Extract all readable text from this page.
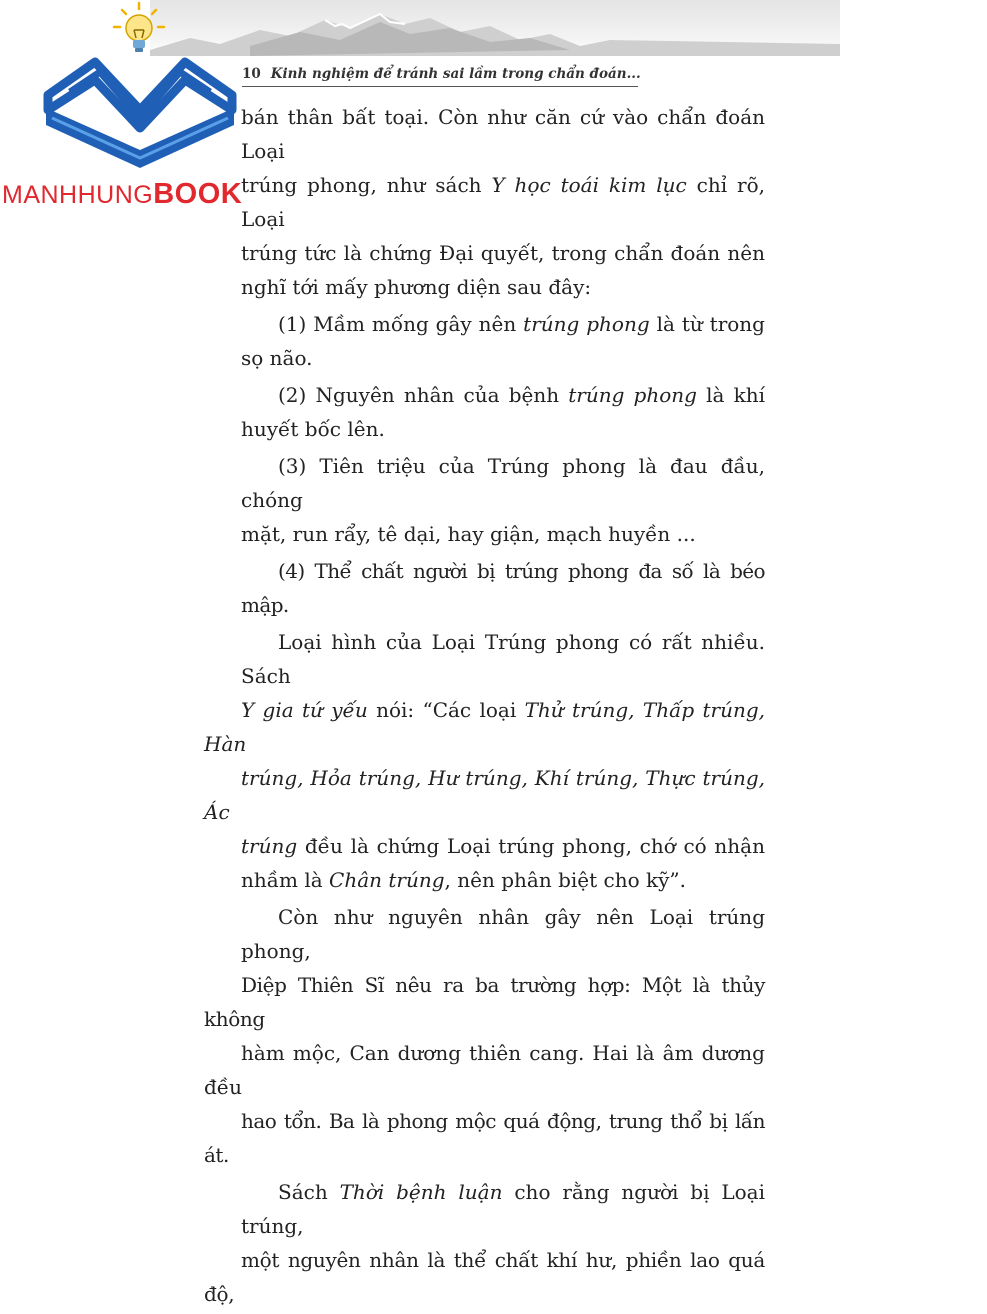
10 Kinh nghiệm để tránh sai lầm trong chẩn đoán...

bán thân bất toại. Còn như căn cứ vào chẩn đoán Loại
trúng phong, như sách Y học toái kim lục chỉ rõ, Loại
trúng tức là chứng Đại quyết, trong chẩn đoán nên
nghĩ tới mấy phương diện sau đây:

(1) Mầm mống gây nên trúng phong là từ trong
sọ não.

(2) Nguyên nhân của bệnh trúng phong là khí
huyết bốc lên.

(3) Tiên triệu của Trúng phong là đau đầu, chóng
mặt, run rẩy, tê dại, hay giận, mạch huyền ...

(4) Thể chất người bị trúng phong đa số là béo mập.

Loại hình của Loại Trúng phong có rất nhiều. Sách
Y gia tứ yếu nói: “Các loại Thử trúng, Thấp trúng, Hàn
trúng, Hỏa trúng, Hư trúng, Khí trúng, Thực trúng, Ác
trúng đều là chứng Loại trúng phong, chớ có nhận
nhầm là Chân trúng, nên phân biệt cho kỹ”.

Còn như nguyên nhân gây nên Loại trúng phong,
Diệp Thiên Sĩ nêu ra ba trường hợp: Một là thủy không
hàm mộc, Can dương thiên cang. Hai là âm dương đều
hao tổn. Ba là phong mộc quá động, trung thổ bị lấn át.

Sách Thời bệnh luận cho rằng người bị Loại trúng,
một nguyên nhân là thể chất khí hư, phiền lao quá độ,

MANHHUNGBOOK
